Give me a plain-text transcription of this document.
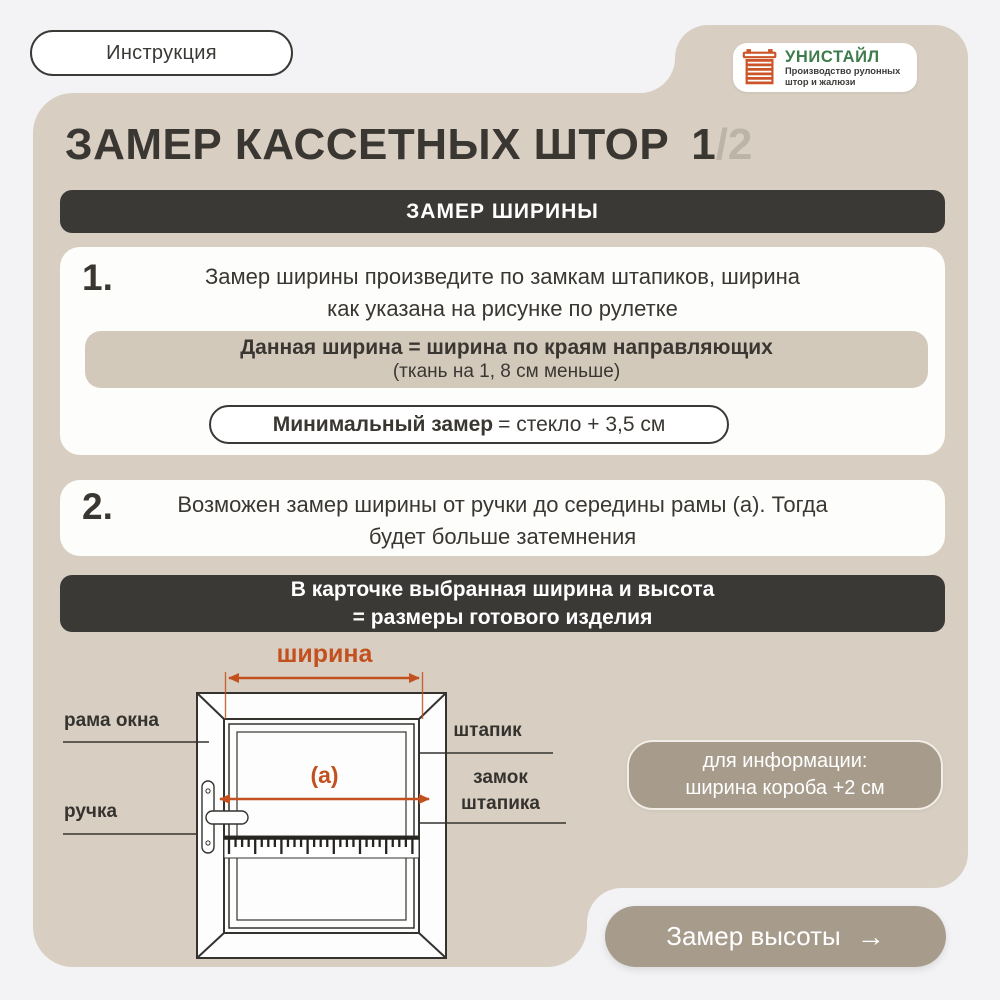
Инструкция	УНИСТАЙЛ
Производство рулонных
штор и жалюзи
ЗАМЕР КАССЕТНЫХ ШТОР 1/2
ЗАМЕР ШИРИНЫ
1.	Замер ширины произведите по замкам штапиков, ширина
как указана на рисунке по рулетке
Данная ширина = ширина по краям направляющих
(ткань на 1, 8 см меньше)
Минимальный замер = стекло + 3,5 см
2.	Возможен замер ширины от ручки до середины рамы (а). Тогда
будет больше затемнения
В карточке выбранная ширина и высота
= размеры готового изделия
ширина
(а)
рама окна
ручка
штапик
замок
штапика
для информации:
ширина короба +2 см
Замер высоты →
